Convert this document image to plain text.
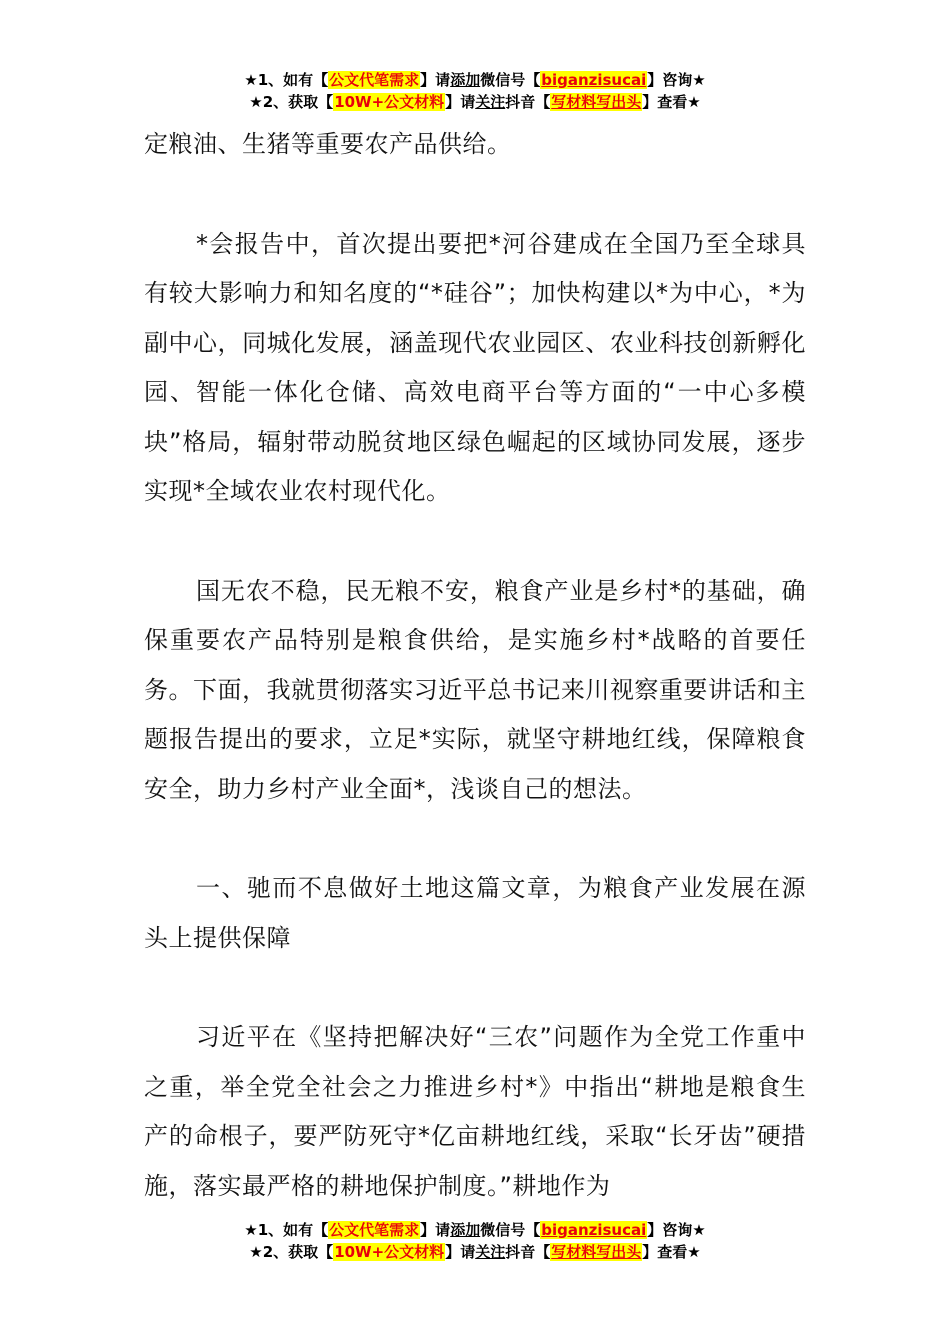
★1、如有【公文代笔需求】请添加微信号【biganzisucai】咨询★
★2、获取【10W+公文材料】请关注抖音【写材料写出头】查看★

定粮油、生猪等重要农产品供给。

*会报告中，首次提出要把*河谷建成在全国乃至全球具有较大影响力和知名度的“*硅谷”；加快构建以*为中心，*为副中心，同城化发展，涵盖现代农业园区、农业科技创新孵化园、智能一体化仓储、高效电商平台等方面的“一中心多模块”格局，辐射带动脱贫地区绿色崛起的区域协同发展，逐步实现*全域农业农村现代化。

国无农不稳，民无粮不安，粮食产业是乡村*的基础，确保重要农产品特别是粮食供给，是实施乡村*战略的首要任务。下面，我就贯彻落实习近平总书记来川视察重要讲话和主题报告提出的要求，立足*实际，就坚守耕地红线，保障粮食安全，助力乡村产业全面*，浅谈自己的想法。

一、驰而不息做好土地这篇文章，为粮食产业发展在源头上提供保障

习近平在《坚持把解决好“三农”问题作为全党工作重中之重，举全党全社会之力推进乡村*》中指出“耕地是粮食生产的命根子，要严防死守*亿亩耕地红线，采取“长牙齿”硬措施，落实最严格的耕地保护制度。”耕地作为

★1、如有【公文代笔需求】请添加微信号【biganzisucai】咨询★
★2、获取【10W+公文材料】请关注抖音【写材料写出头】查看★
